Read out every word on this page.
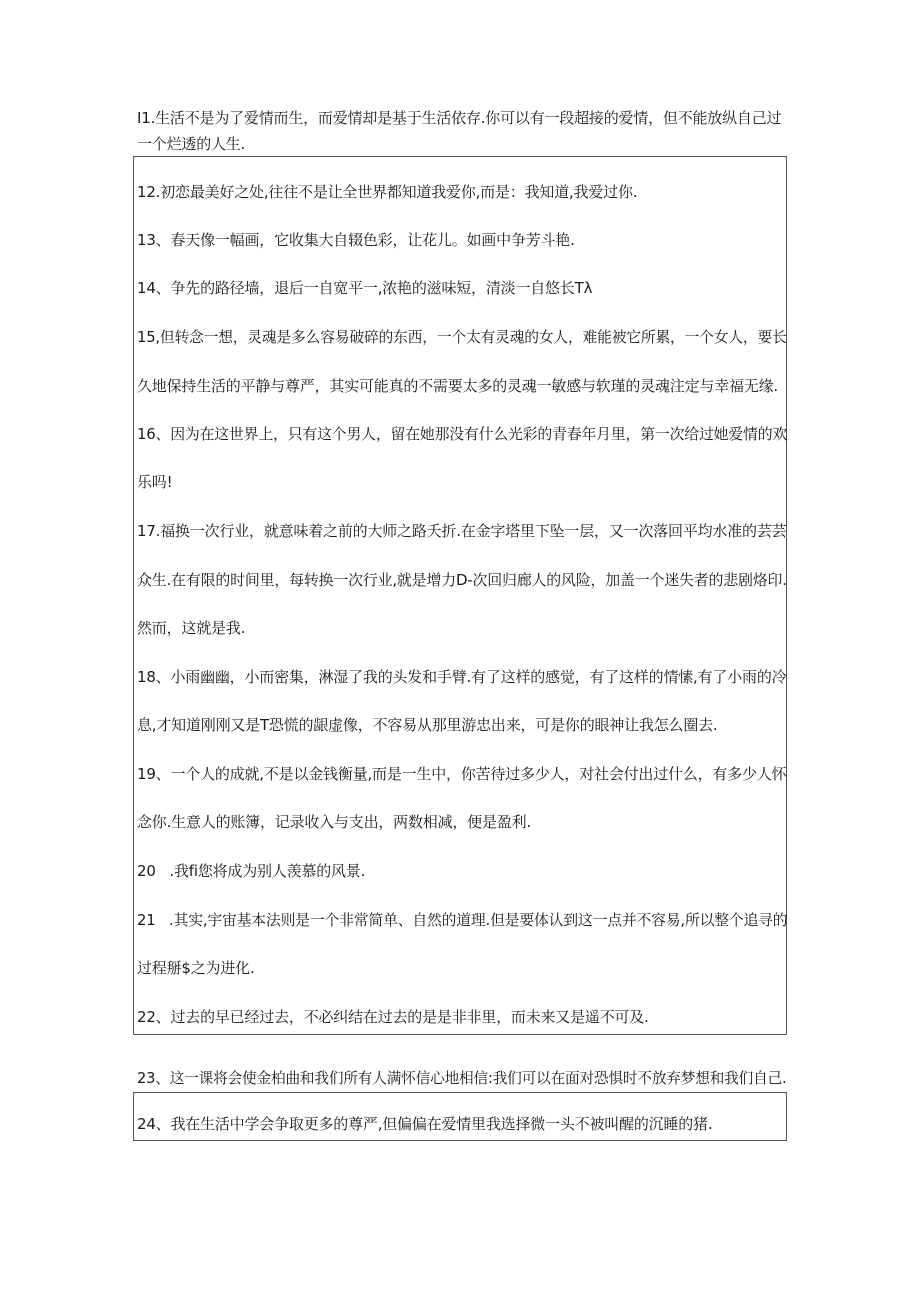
I1.生活不是为了爱情而生，而爱情却是基于生活依存.你可以有一段超接的爱情，但不能放纵自己过
一个烂透的人生.
12.初恋最美好之处,往往不是让全世界都知道我爱你,而是：我知道,我爱过你.
13、春天像一幅画，它收集大自辍色彩，让花儿。如画中争芳斗艳.
14、争先的路径墙，退后一自宽平一,浓艳的滋味短，清淡一自悠长Tλ
15,但转念一想，灵魂是多么容易破碎的东西，一个太有灵魂的女人，难能被它所累，一个女人，要长
久地保持生活的平静与尊严，其实可能真的不需要太多的灵魂一敏感与软瑾的灵魂注定与幸福无缘.
16、因为在这世界上，只有这个男人，留在她那没有什么光彩的青春年月里，第一次给过她爱情的欢
乐吗!
17.福换一次行业，就意味着之前的大师之路夭折.在金字塔里下坠一层，又一次落回平均水准的芸芸
众生.在有限的时间里，每转换一次行业,就是增力D-次回归廊人的风险，加盖一个迷失者的悲剧烙印.
然而，这就是我.
18、小雨幽幽，小而密集，淋湿了我的头发和手臂.有了这样的感觉，有了这样的情愫,有了小雨的冷
息,才知道刚刚又是T恐慌的龈虚像，不容易从那里游忠出来，可是你的眼神让我怎么圈去.
19、一个人的成就,不是以金钱衡量,而是一生中，你苦待过多少人，对社会付出过什么，有多少人怀
念你.生意人的账簿，记录收入与支出，两数相减，便是盈利.
20   .我fi您将成为别人羡慕的风景.
21   .其实,宇宙基本法则是一个非常简单、自然的道理.但是要体认到这一点并不容易,所以整个追寻的
过程掰$之为进化.
22、过去的早已经过去，不必纠结在过去的是是非非里，而未来又是遥不可及.
23、这一课将会使金柏曲和我们所有人满怀信心地相信:我们可以在面对恐惧时不放弃梦想和我们自己.
24、我在生活中学会争取更多的尊严,但偏偏在爱情里我选择微一头不被叫醒的沉睡的猪.
